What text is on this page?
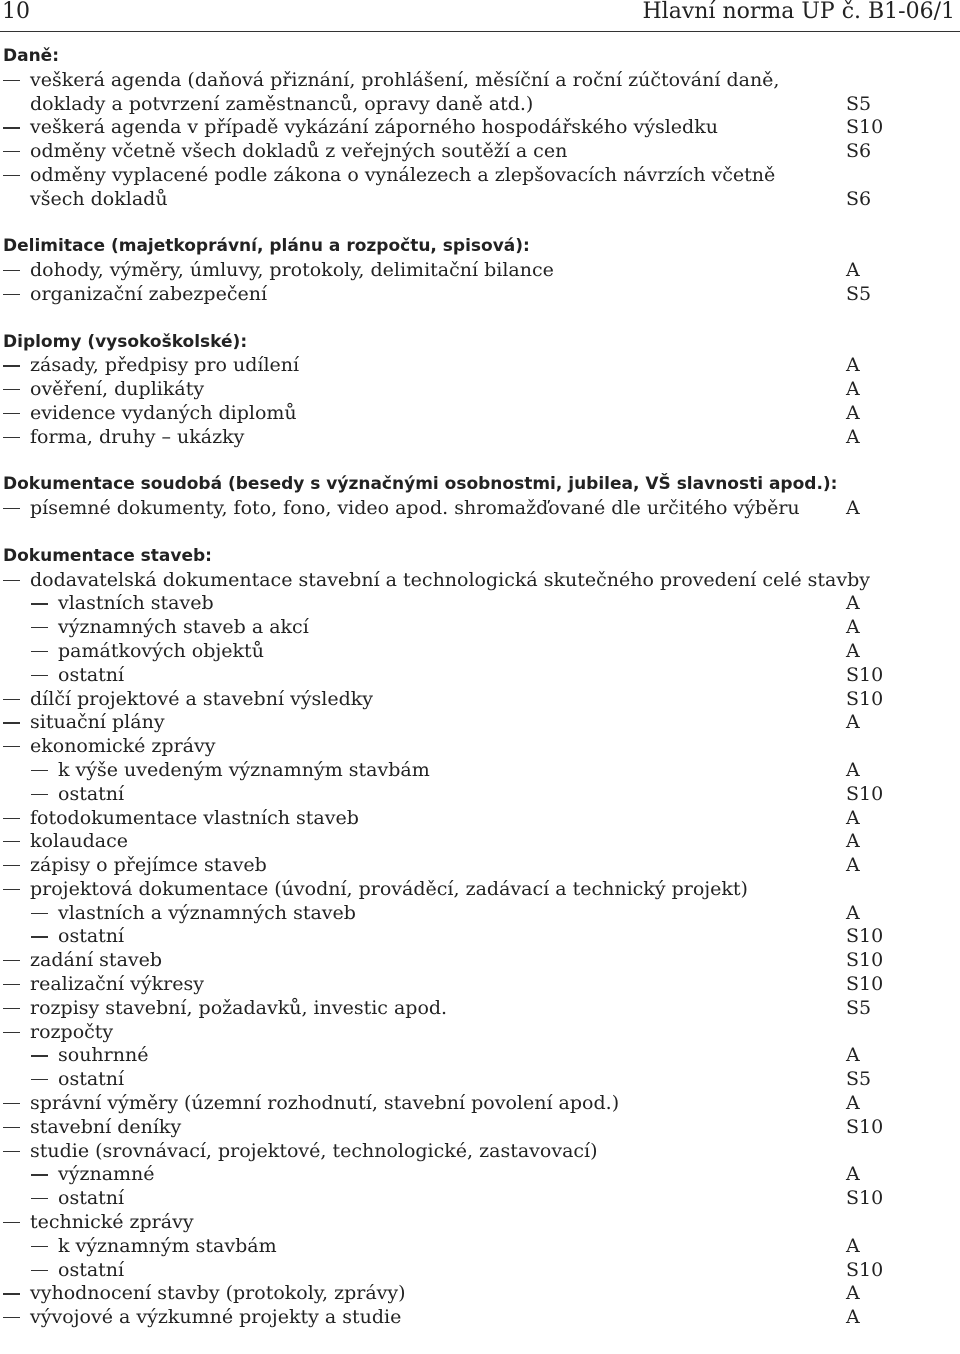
10	Hlavní norma UP č. B1-06/1
Daně:
veškerá agenda (daňová přiznání, prohlášení, měsíční a roční zúčtování daně, doklady a potvrzení zaměstnanců, opravy daně atd.)	S5
veškerá agenda v případě vykázání záporného hospodářského výsledku	S10
odměny včetně všech dokladů z veřejných soutěží a cen	S6
odměny vyplacené podle zákona o vynálezech a zlepšovacích návrzích včetně všech dokladů	S6
Delimitace (majetkoprávní, plánu a rozpočtu, spisová):
dohody, výměry, úmluvy, protokoly, delimitační bilance	A
organizační zabezpečení	S5
Diplomy (vysokoškolské):
zásady, předpisy pro udílení	A
ověření, duplikáty	A
evidence vydaných diplomů	A
forma, druhy – ukázky	A
Dokumentace soudobá (besedy s význačnými osobnostmi, jubilea, VŠ slavnosti apod.):
písemné dokumenty, foto, fono, video apod. shromažďované dle určitého výběru	A
Dokumentace staveb:
dodavatelská dokumentace stavební a technologická skutečného provedení celé stavby
vlastních staveb	A
významných staveb a akcí	A
památkových objektů	A
ostatní	S10
dílčí projektové a stavební výsledky	S10
situační plány	A
ekonomické zprávy
k výše uvedeným významným stavbám	A
ostatní	S10
fotodokumentace vlastních staveb	A
kolaudace	A
zápisy o přejímce staveb	A
projektová dokumentace (úvodní, prováděcí, zadávací a technický projekt)
vlastních a významných staveb	A
ostatní	S10
zadání staveb	S10
realizační výkresy	S10
rozpisy stavební, požadavků, investic apod.	S5
rozpočty
souhrnné	A
ostatní	S5
správní výměry (územní rozhodnutí, stavební povolení apod.)	A
stavební deníky	S10
studie (srovnávací, projektové, technologické, zastavovací)
významné	A
ostatní	S10
technické zprávy
k významným stavbám	A
ostatní	S10
vyhodnocení stavby (protokoly, zprávy)	A
vývojové a výzkumné projekty a studie	A
